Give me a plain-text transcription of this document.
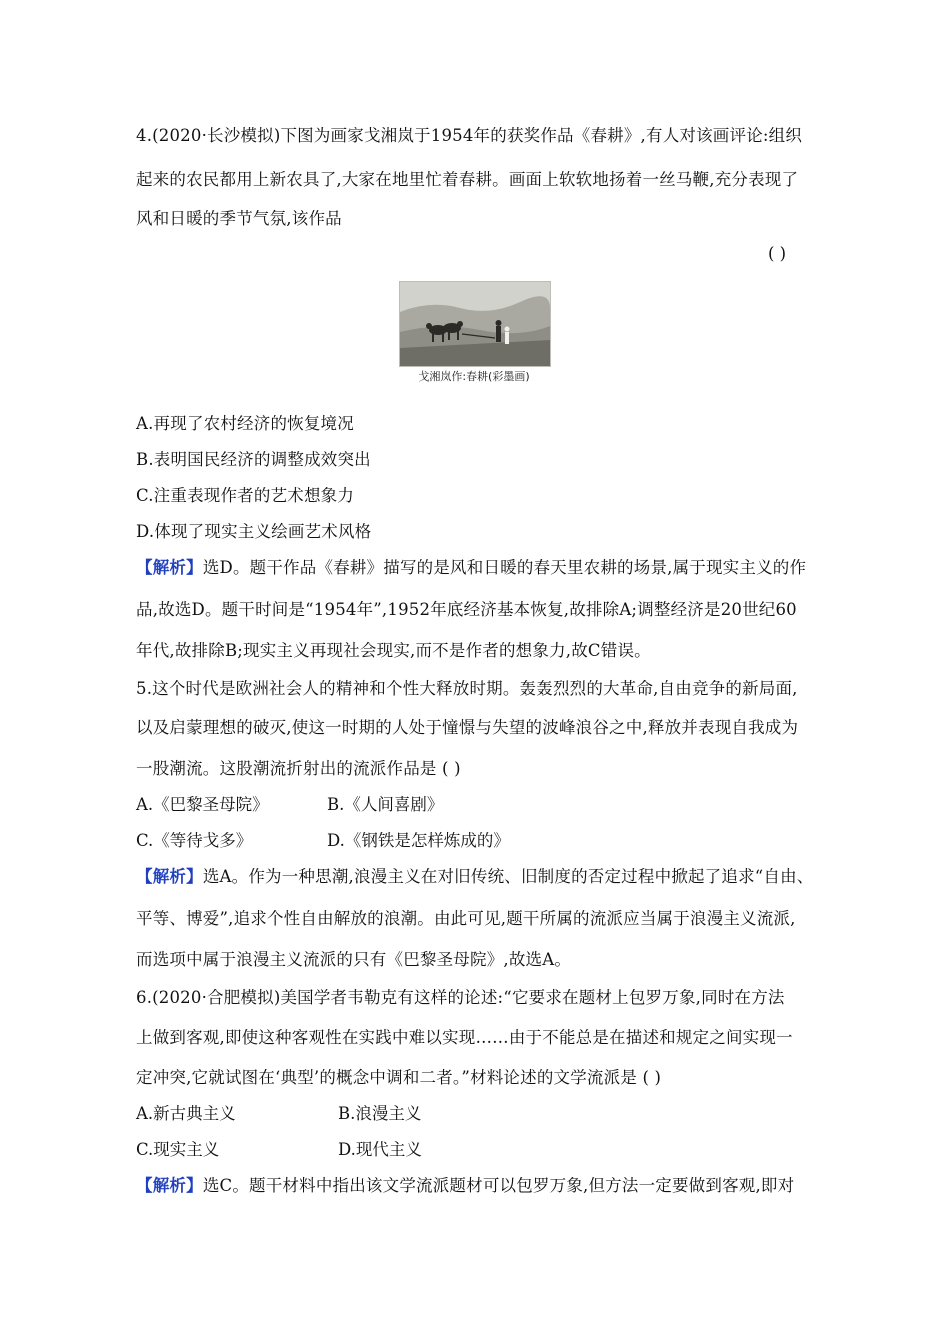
4.(2020·长沙模拟)下图为画家戈湘岚于1954年的获奖作品《春耕》,有人对该画评论:组织
起来的农民都用上新农具了,大家在地里忙着春耕。画面上软软地扬着一丝马鞭,充分表现了
风和日暖的季节气氛,该作品
( )
戈湘岚作:春耕(彩墨画)
A.再现了农村经济的恢复境况
B.表明国民经济的调整成效突出
C.注重表现作者的艺术想象力
D.体现了现实主义绘画艺术风格
【解析】选D。题干作品《春耕》描写的是风和日暖的春天里农耕的场景,属于现实主义的作
品,故选D。题干时间是“1954年”,1952年底经济基本恢复,故排除A;调整经济是20世纪60
年代,故排除B;现实主义再现社会现实,而不是作者的想象力,故C错误。
5.这个时代是欧洲社会人的精神和个性大释放时期。轰轰烈烈的大革命,自由竞争的新局面,
以及启蒙理想的破灭,使这一时期的人处于憧憬与失望的波峰浪谷之中,释放并表现自我成为
一股潮流。这股潮流折射出的流派作品是 ( )
A.《巴黎圣母院》	B.《人间喜剧》
C.《等待戈多》	D.《钢铁是怎样炼成的》
【解析】选A。作为一种思潮,浪漫主义在对旧传统、旧制度的否定过程中掀起了追求“自由、
平等、博爱”,追求个性自由解放的浪潮。由此可见,题干所属的流派应当属于浪漫主义流派,
而选项中属于浪漫主义流派的只有《巴黎圣母院》,故选A。
6.(2020·合肥模拟)美国学者韦勒克有这样的论述:“它要求在题材上包罗万象,同时在方法
上做到客观,即使这种客观性在实践中难以实现……由于不能总是在描述和规定之间实现一
定冲突,它就试图在‘典型’的概念中调和二者。”材料论述的文学流派是 ( )
A.新古典主义	B.浪漫主义
C.现实主义	D.现代主义
【解析】选C。题干材料中指出该文学流派题材可以包罗万象,但方法一定要做到客观,即对
